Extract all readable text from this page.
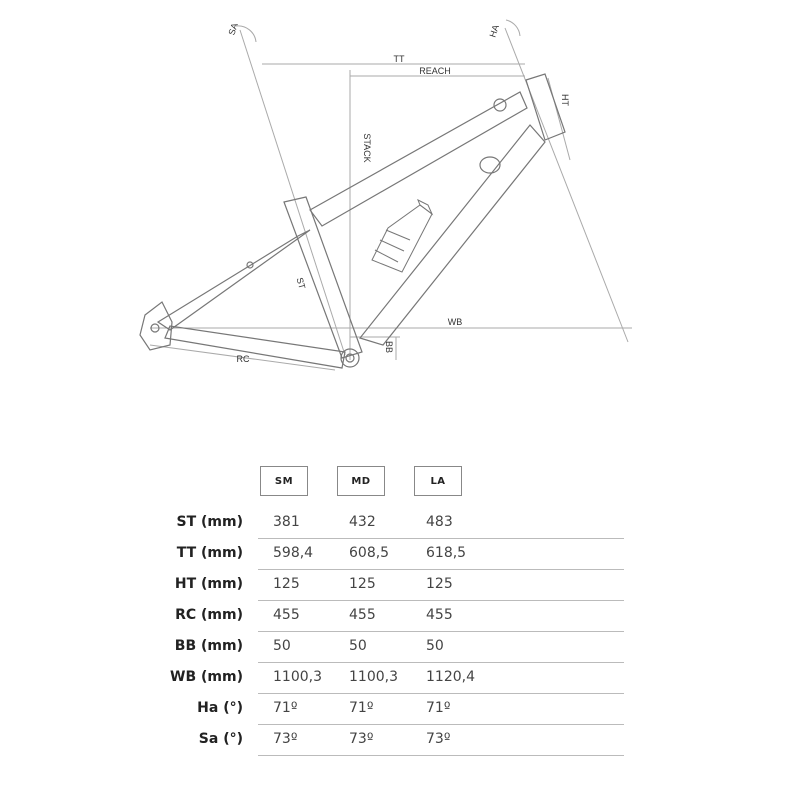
SA	HA
TT
REACH
HT
STACK
ST
WB
BB
RC
SM	MD	LA
ST (mm) 381	432	483
TT (mm) 598,4	608,5	618,5
HT (mm) 125	125	125
RC (mm) 455	455	455
BB (mm) 50	50	50
WB (mm) 1100,3 1100,3 1120,4
Ha (°) 71º	71º	71º
Sa (°) 73º	73º	73º
